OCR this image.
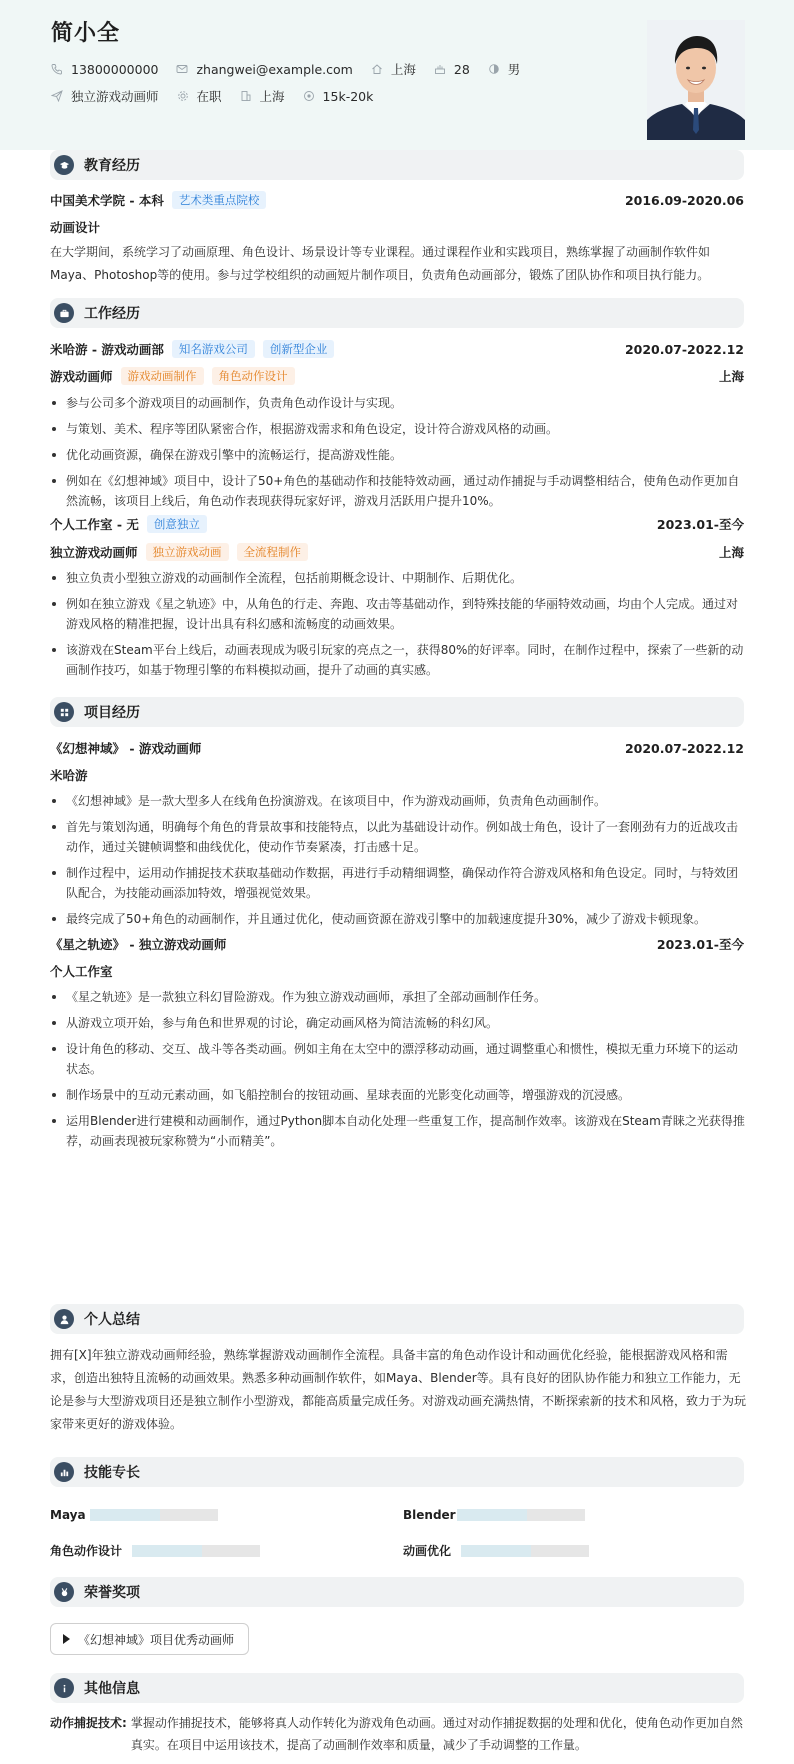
简小全
13800000000	zhangwei@example.com	上海	28	男
独立游戏动画师	在职	上海	15k-20k
教育经历
中国美术学院 - 本科	艺术类重点院校	2016.09-2020.06
动画设计
在大学期间，系统学习了动画原理、角色设计、场景设计等专业课程。通过课程作业和实践项目，熟练掌握了动画制作软件如Maya、Photoshop等的使用。参与过学校组织的动画短片制作项目，负责角色动画部分，锻炼了团队协作和项目执行能力。
工作经历
米哈游 - 游戏动画部	知名游戏公司	创新型企业	2020.07-2022.12
游戏动画师	游戏动画制作	角色动作设计	上海
参与公司多个游戏项目的动画制作，负责角色动作设计与实现。
与策划、美术、程序等团队紧密合作，根据游戏需求和角色设定，设计符合游戏风格的动画。
优化动画资源，确保在游戏引擎中的流畅运行，提高游戏性能。
例如在《幻想神域》项目中，设计了50+角色的基础动作和技能特效动画，通过动作捕捉与手动调整相结合，使角色动作更加自然流畅，该项目上线后，角色动作表现获得玩家好评，游戏月活跃用户提升10%。
个人工作室 - 无	创意独立	2023.01-至今
独立游戏动画师	独立游戏动画	全流程制作	上海
独立负责小型独立游戏的动画制作全流程，包括前期概念设计、中期制作、后期优化。
例如在独立游戏《星之轨迹》中，从角色的行走、奔跑、攻击等基础动作，到特殊技能的华丽特效动画，均由个人完成。通过对游戏风格的精准把握，设计出具有科幻感和流畅度的动画效果。
该游戏在Steam平台上线后，动画表现成为吸引玩家的亮点之一，获得80%的好评率。同时，在制作过程中，探索了一些新的动画制作技巧，如基于物理引擎的布料模拟动画，提升了动画的真实感。
项目经历
《幻想神域》 - 游戏动画师	2020.07-2022.12
米哈游
《幻想神域》是一款大型多人在线角色扮演游戏。在该项目中，作为游戏动画师，负责角色动画制作。
首先与策划沟通，明确每个角色的背景故事和技能特点，以此为基础设计动作。例如战士角色，设计了一套刚劲有力的近战攻击动作，通过关键帧调整和曲线优化，使动作节奏紧凑，打击感十足。
制作过程中，运用动作捕捉技术获取基础动作数据，再进行手动精细调整，确保动作符合游戏风格和角色设定。同时，与特效团队配合，为技能动画添加特效，增强视觉效果。
最终完成了50+角色的动画制作，并且通过优化，使动画资源在游戏引擎中的加载速度提升30%，减少了游戏卡顿现象。
《星之轨迹》 - 独立游戏动画师	2023.01-至今
个人工作室
《星之轨迹》是一款独立科幻冒险游戏。作为独立游戏动画师，承担了全部动画制作任务。
从游戏立项开始，参与角色和世界观的讨论，确定动画风格为简洁流畅的科幻风。
设计角色的移动、交互、战斗等各类动画。例如主角在太空中的漂浮移动动画，通过调整重心和惯性，模拟无重力环境下的运动状态。
制作场景中的互动元素动画，如飞船控制台的按钮动画、星球表面的光影变化动画等，增强游戏的沉浸感。
运用Blender进行建模和动画制作，通过Python脚本自动化处理一些重复工作，提高制作效率。该游戏在Steam青睐之光获得推荐，动画表现被玩家称赞为“小而精美”。
个人总结
拥有[X]年独立游戏动画师经验，熟练掌握游戏动画制作全流程。具备丰富的角色动作设计和动画优化经验，能根据游戏风格和需求，创造出独特且流畅的动画效果。熟悉多种动画制作软件，如Maya、Blender等。具有良好的团队协作能力和独立工作能力，无论是参与大型游戏项目还是独立制作小型游戏，都能高质量完成任务。对游戏动画充满热情，不断探索新的技术和风格，致力于为玩家带来更好的游戏体验。
技能专长
Maya	Blender
角色动作设计	动画优化
荣誉奖项
《幻想神域》项目优秀动画师
其他信息
动作捕捉技术: 掌握动作捕捉技术，能够将真人动作转化为游戏角色动画。通过对动作捕捉数据的处理和优化，使角色动作更加自然真实。在项目中运用该技术，提高了动画制作效率和质量，减少了手动调整的工作量。
